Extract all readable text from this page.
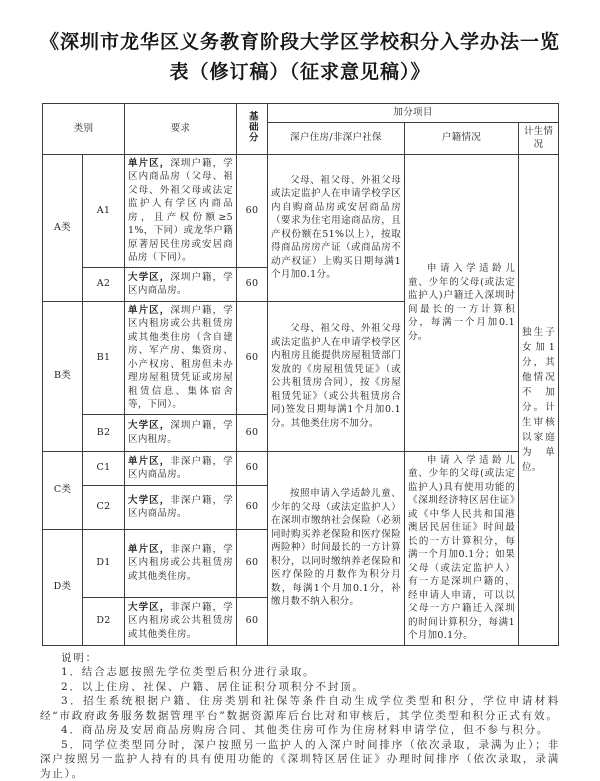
《深圳市龙华区义务教育阶段大学区学校积分入学办法一览表（修订稿）（征求意见稿）》
类别		要求	基础分	加分项目		
				深户住房/非深户社保	户籍情况	计生情况
A类	A1	单片区，深圳户籍，学区内商品房（父母、祖父母、外祖父母或法定监护人有学区内商品房，且产权份额≥51%，下同）或龙华户籍原著居民住房或安居商品房（下同）。	60	父母、祖父母、外祖父母或法定监护人在申请学校学区内自购商品房或安居商品房（要求为住宅用途商品房，且产权份额在51%以上），按取得商品房房产证（或商品房不动产权证）上购买日期每满1个月加0.1分。	申请入学适龄儿童、少年的父母(或法定监护人)户籍迁入深圳时间最长的一方计算积分，每满一个月加0.1分。	独生子女加1分，其他情况不加分。计生审核以家庭为单位。
	A2	大学区，深圳户籍，学区内商品房。	60			
B类	B1	单片区，深圳户籍，学区内租房或公共租赁房或其他类住房（含自建房、军产房、集资房、小产权房、租房但未办理房屋租赁凭证或房屋租赁信息、集体宿舍等，下同）。	60	父母、祖父母、外祖父母或法定监护人在申请学校学区内租房且能提供房屋租赁部门发放的《房屋租赁凭证》（或公共租赁房合同），按《房屋租赁凭证》（或公共租赁房合同)签发日期每满1个月加0.1分。其他类住房不加分。		
	B2	大学区，深圳户籍，学区内租房。	60			
C类	C1	单片区，非深户籍，学区内商品房。	60	按照申请入学适龄儿童、少年的父母（或法定监护人）在深圳市缴纳社会保险（必须同时购买养老保险和医疗保险两险种）时间最长的一方计算积分，以同时缴纳养老保险和医疗保险的月数作为积分月数，每满1个月加0.1分，补缴月数不纳入积分。	申请入学适龄儿童、少年的父母(或法定监护人)具有使用功能的《深圳经济特区居住证》或《中华人民共和国港澳居民居住证》时间最长的一方计算积分，每满一个月加0.1分；如果父母（或法定监护人）有一方是深圳户籍的，经申请人申请，可以以父母一方户籍迁入深圳的时间计算积分，每满1个月加0.1分。	
	C2	大学区，非深户籍，学区内商品房。	60			
D类	D1	单片区，非深户籍，学区内租房或公共租赁房或其他类住房。	60			
	D2	大学区，非深户籍，学区内租房或公共租赁房或其他类住房。	60			

说明：

1．结合志愿按照先学位类型后积分进行录取。

2．以上住房、社保、户籍、居住证积分项积分不封顶。

3．招生系统根据户籍、住房类别和社保等条件自动生成学位类型和积分，学位申请材料经“市政府政务服务数据管理平台”数据资源库后台比对和审核后，其学位类型和积分正式有效。

4．商品房及安居商品房购房合同、其他类住房可作为住房材料申请学位，但不参与积分。

5．同学位类型同分时，深户按照另一监护人的入深户时间排序（依次录取，录满为止）；非深户按照另一监护人持有的具有使用功能的《深圳特区居住证》办理时间排序（依次录取，录满为止）。
